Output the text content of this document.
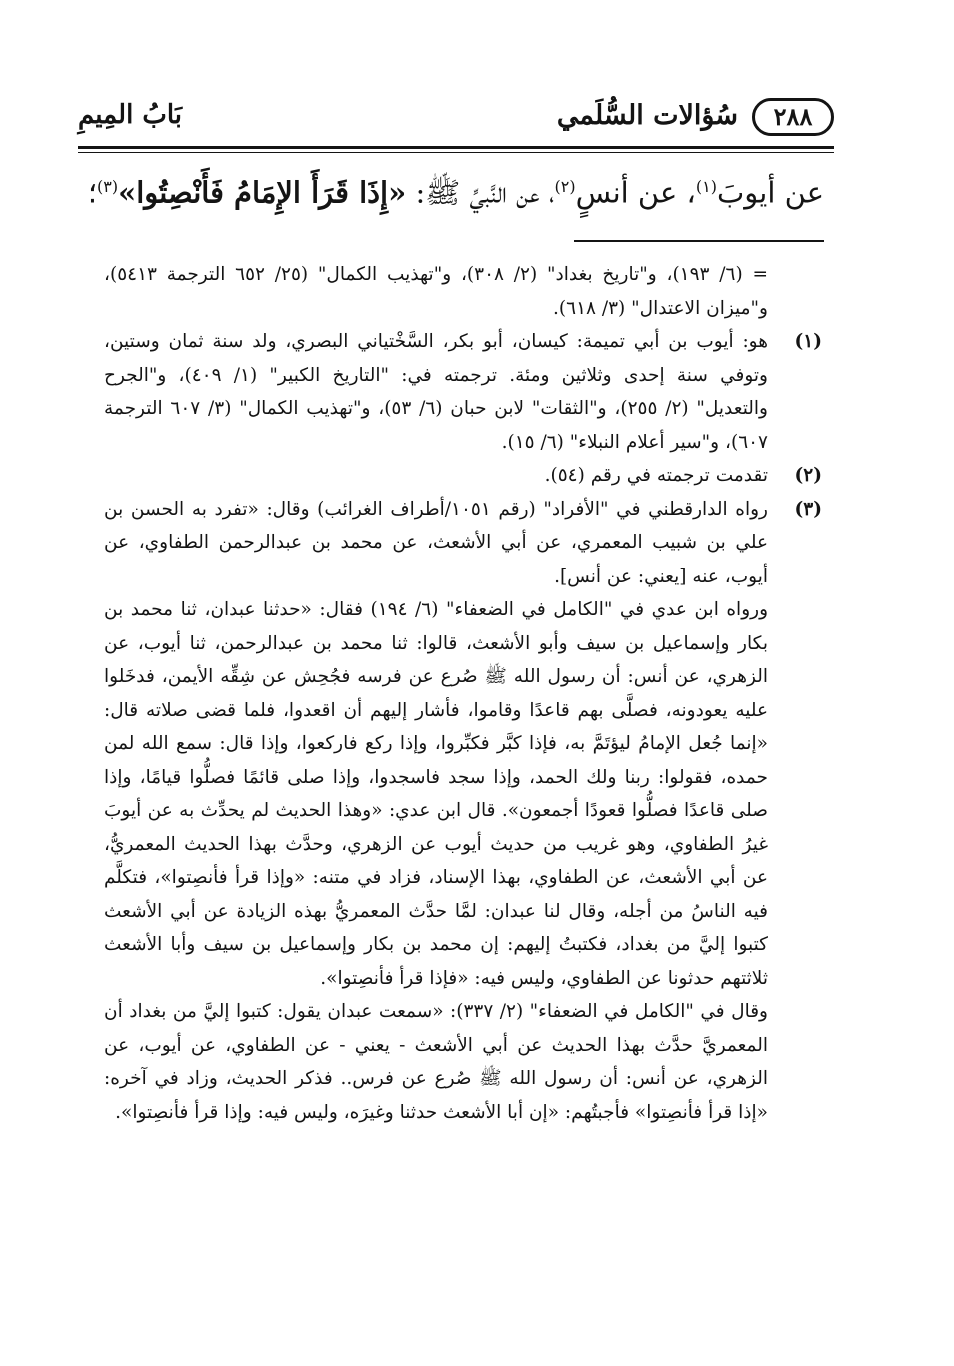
٢٨٨
سُؤالات السُّلَمي
بَابُ المِيمِ
عن أيوبَ$^{(١)}$، عن أنسٍ$^{(٢)}$، عن النَّبيِّ ﷺ: «إِذَا قَرَأَ الإِمَامُ فَأَنْصِتُوا»$^{(٣)}$؛

= (٦/ ١٩٣)، و"تاريخ بغداد" (٢/ ٣٠٨)، و"تهذيب الكمال" (٢٥/ ٦٥٢ الترجمة ٥٤١٣)، و"ميزان الاعتدال" (٣/ ٦١٨).

(١)
هو: أيوب بن أبي تميمة: كيسان، أبو بكر، السَّخْتياني البصري، ولد سنة ثمان وستين، وتوفي سنة إحدى وثلاثين ومئة. ترجمته في: "التاريخ الكبير" (١/ ٤٠٩)، و"الجرح والتعديل" (٢/ ٢٥٥)، و"الثقات" لابن حبان (٦/ ٥٣)، و"تهذيب الكمال" (٣/ ٦٠٧ الترجمة ٦٠٧)، و"سير أعلام النبلاء" (٦/ ١٥).
(٢)
تقدمت ترجمته في رقم (٥٤).
(٣)

رواه الدارقطني في "الأفراد" (رقم ١٠٥١/أطراف الغرائب) وقال: «تفرد به الحسن بن علي بن شبيب المعمري، عن أبي الأشعث، عن محمد بن عبدالرحمن الطفاوي، عن أيوب، عنه [يعني: عن أنس].

ورواه ابن عدي في "الكامل في الضعفاء" (٦/ ١٩٤) فقال: «حدثنا عبدان، ثنا محمد بن بكار وإسماعيل بن سيف وأبو الأشعث، قالوا: ثنا محمد بن عبدالرحمن، ثنا أيوب، عن الزهري، عن أنس: أن رسول الله ﷺ صُرع عن فرسه فجُحِش عن شِقِّه الأيمن، فدخَلوا عليه يعودونه، فصلَّى بهم قاعدًا وقاموا، فأشار إليهم أن اقعدوا، فلما قضى صلاته قال: «إنما جُعل الإمامُ ليؤتَمَّ به، فإذا كبَّر فكبِّروا، وإذا ركع فاركعوا، وإذا قال: سمع الله لمن حمده، فقولوا: ربنا ولك الحمد، وإذا سجد فاسجدوا، وإذا صلى قائمًا فصلُّوا قيامًا، وإذا صلى قاعدًا فصلُّوا قعودًا أجمعون». قال ابن عدي: «وهذا الحديث لم يحدِّث به عن أيوبَ غيرُ الطفاوي، وهو غريب من حديث أيوب عن الزهري، وحدَّث بهذا الحديث المعمريُّ، عن أبي الأشعث، عن الطفاوي، بهذا الإسناد، فزاد في متنه: «وإذا قرأ فأنصِتوا»، فتكلَّم فيه الناسُ من أجله، وقال لنا عبدان: لمَّا حدَّث المعمريُّ بهذه الزيادة عن أبي الأشعث كتبوا إليَّ من بغداد، فكتبتُ إليهم: إن محمد بن بكار وإسماعيل بن سيف وأبا الأشعث ثلاثتهم حدثونا عن الطفاوي، وليس فيه: «فإذا قرأ فأنصِتوا».

وقال في "الكامل في الضعفاء" (٢/ ٣٣٧): «سمعت عبدان يقول: كتبوا إليَّ من بغداد أن المعمريَّ حدَّث بهذا الحديث عن أبي الأشعث - يعني - عن الطفاوي، عن أيوب، عن الزهري، عن أنس: أن رسول الله ﷺ صُرع عن فرس.. فذكر الحديث، وزاد في آخره: «إذا قرأ فأنصِتوا» فأجبتُهم: «إن أبا الأشعث حدثنا وغيرَه، وليس فيه: وإذا قرأ فأنصِتوا».
